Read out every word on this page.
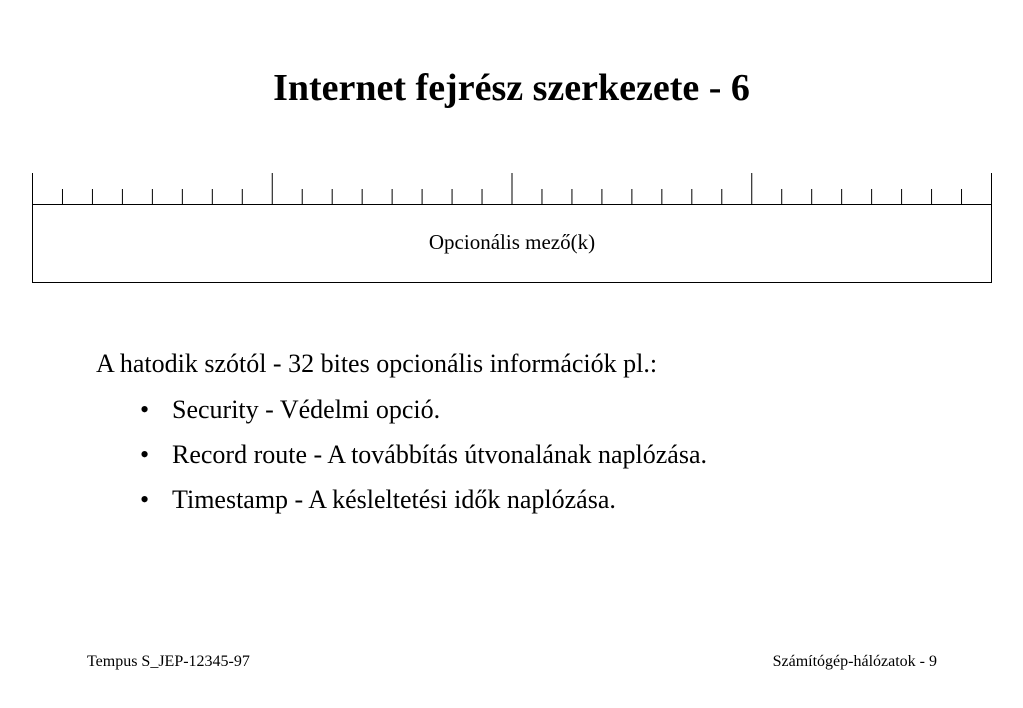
Internet fejrész szerkezete - 6
Opcionális mező(k)
A hatodik szótól - 32 bites opcionális információk pl.:
• Security - Védelmi opció.
• Record route - A továbbítás útvonalának naplózása.
• Timestamp - A késleltetési idők naplózása.
Tempus S_JEP-12345-97	Számítógép-hálózatok - 9
